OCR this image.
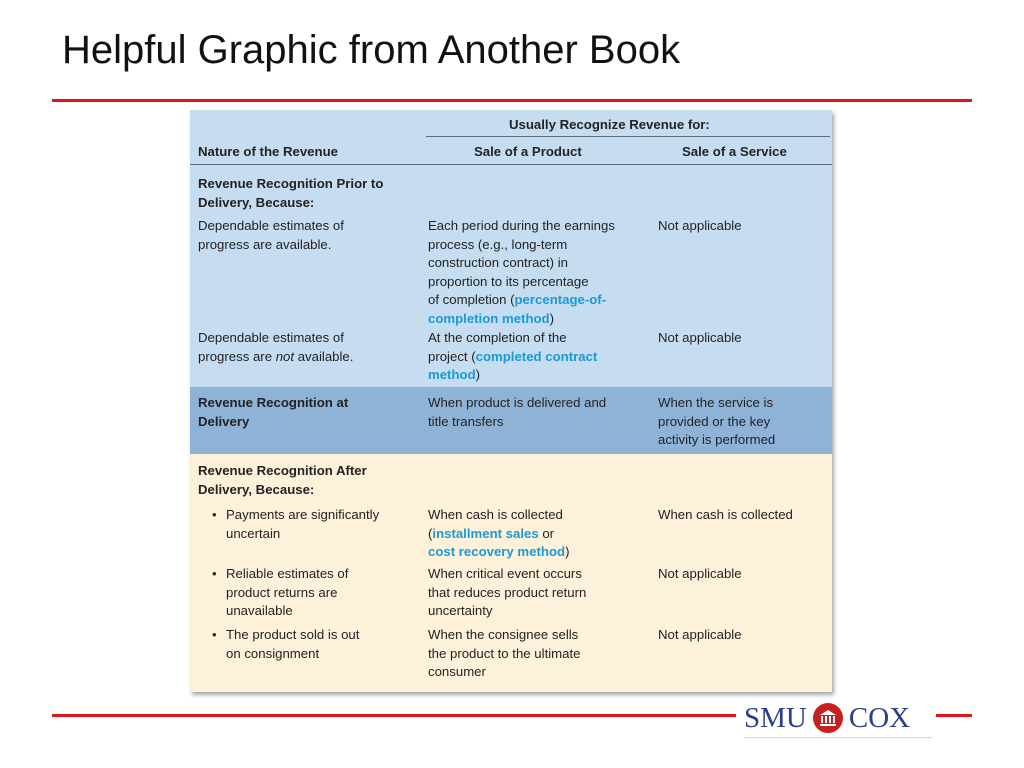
Helpful Graphic from Another Book
Usually Recognize Revenue for:
Nature of the Revenue	Sale of a Product	Sale of a Service
Revenue Recognition Prior to
Delivery, Because:
Dependable estimates of
progress are available.
Each period during the earnings
process (e.g., long-term
construction contract) in
proportion to its percentage
of completion (percentage-of-
completion method)
Not applicable
Dependable estimates of
progress are not available.
At the completion of the
project (completed contract
method)
Not applicable
Revenue Recognition at
Delivery
When product is delivered and
title transfers
When the service is
provided or the key
activity is performed
Revenue Recognition After
Delivery, Because:
• Payments are significantly
uncertain
When cash is collected
(installment sales or
cost recovery method)
When cash is collected
• Reliable estimates of
product returns are
unavailable
When critical event occurs
that reduces product return
uncertainty
Not applicable
• The product sold is out
on consignment
When the consignee sells
the product to the ultimate
consumer
Not applicable
SMU COX
